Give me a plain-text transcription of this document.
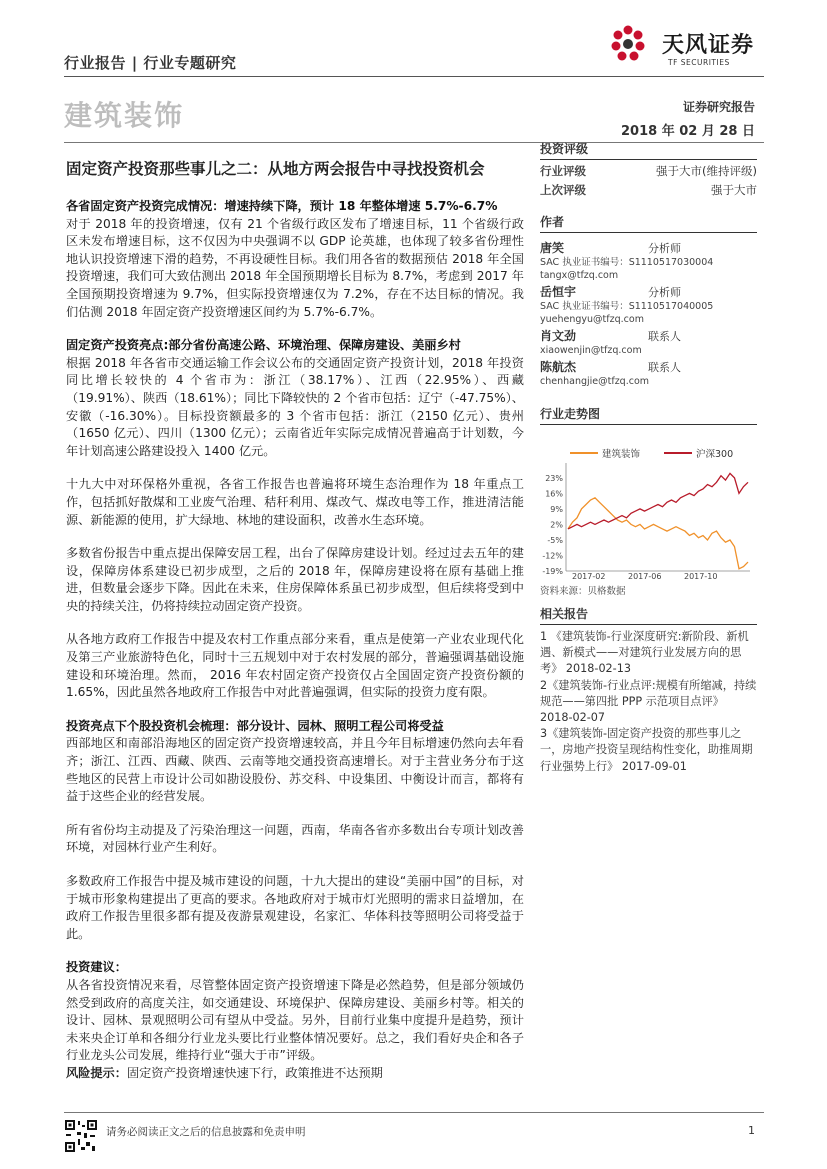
行业报告 | 行业专题研究
天风证券
TF SECURITIES
建筑装饰	证券研究报告
2018 年 02 月 28 日
固定资产投资那些事儿之二：从地方两会报告中寻找投资机会
各省固定资产投资完成情况：增速持续下降，预计 18 年整体增速 5.7%-6.7%

对于 2018 年的投资增速，仅有 21 个省级行政区发布了增速目标，11 个省级行政区未发布增速目标，这不仅因为中央强调不以 GDP 论英雄，也体现了较多省份理性地认识投资增速下滑的趋势，不再设硬性目标。我们用各省的数据预估 2018 年全国投资增速，我们可大致估测出 2018 年全国预期增长目标为 8.7%，考虑到 2017 年全国预期投资增速为 9.7%，但实际投资增速仅为 7.2%，存在不达目标的情况。我们估测 2018 年固定资产投资增速区间约为 5.7%-6.7%。

固定资产投资亮点:部分省份高速公路、环境治理、保障房建设、美丽乡村

根据 2018 年各省市交通运输工作会议公布的交通固定资产投资计划，2018 年投资同比增长较快的 4 个省市为：浙江（38.17%）、江西（22.95%）、西藏（19.91%）、陕西（18.61%）；同比下降较快的 2 个省市包括：辽宁（-47.75%）、安徽（-16.30%）。目标投资额最多的 3 个省市包括：浙江（2150 亿元）、贵州（1650 亿元）、四川（1300 亿元）；云南省近年实际完成情况普遍高于计划数，今年计划高速公路建设投入 1400 亿元。

十九大中对环保格外重视，各省工作报告也普遍将环境生态治理作为 18 年重点工作，包括抓好散煤和工业废气治理、秸秆利用、煤改气、煤改电等工作，推进清洁能源、新能源的使用，扩大绿地、林地的建设面积，改善水生态环境。

多数省份报告中重点提出保障安居工程，出台了保障房建设计划。经过过去五年的建设，保障房体系建设已初步成型，之后的 2018 年，保障房建设将在原有基础上推进，但数量会逐步下降。因此在未来，住房保障体系虽已初步成型，但后续将受到中央的持续关注，仍将持续拉动固定资产投资。

从各地方政府工作报告中提及农村工作重点部分来看，重点是使第一产业农业现代化及第三产业旅游特色化，同时十三五规划中对于农村发展的部分，普遍强调基础设施建设和环境治理。然而， 2016 年农村固定资产投资仅占全国固定资产投资份额的 1.65%，因此虽然各地政府工作报告中对此普遍强调，但实际的投资力度有限。

投资亮点下个股投资机会梳理：部分设计、园林、照明工程公司将受益

西部地区和南部沿海地区的固定资产投资增速较高，并且今年目标增速仍然向去年看齐；浙江、江西、西藏、陕西、云南等地交通投资高速增长。对于主营业务分布于这些地区的民营上市设计公司如勘设股份、苏交科、中设集团、中衡设计而言，都将有益于这些企业的经营发展。

所有省份均主动提及了污染治理这一问题，西南，华南各省亦多数出台专项计划改善环境，对园林行业产生利好。

多数政府工作报告中提及城市建设的问题，十九大提出的建设“美丽中国”的目标，对于城市形象构建提出了更高的要求。各地政府对于城市灯光照明的需求日益增加，在政府工作报告里很多都有提及夜游景观建设，名家汇、华体科技等照明公司将受益于此。

投资建议：

从各省投资情况来看，尽管整体固定资产投资增速下降是必然趋势，但是部分领域仍然受到政府的高度关注，如交通建设、环境保护、保障房建设、美丽乡村等。相关的设计、园林、景观照明公司有望从中受益。另外，目前行业集中度提升是趋势，预计未来央企订单和各细分行业龙头要比行业整体情况要好。总之，我们看好央企和各子行业龙头公司发展，维持行业“强大于市”评级。

风险提示：固定资产投资增速快速下行，政策推进不达预期

投资评级
行业评级	强于大市(维持评级)
上次评级	强于大市
作者
唐笑	分析师
SAC 执业证书编号：S1110517030004
tangx@tfzq.com
岳恒宇	分析师
SAC 执业证书编号：S1110517040005
yuehengyu@tfzq.com
肖文劲	联系人
xiaowenjin@tfzq.com
陈航杰	联系人
chenhangjie@tfzq.com
行业走势图
建筑装饰	沪深300
23%
16%
9%
2%
-5%
-12%
-19%
2017-02	2017-06	2017-10
资料来源：贝格数据
相关报告

1 《建筑装饰-行业深度研究:新阶段、新机遇、新模式——对建筑行业发展方向的思考》 2018-02-13

2《建筑装饰-行业点评:规模有所缩减，持续规范——第四批 PPP 示范项目点评》 2018-02-07

3《建筑装饰-固定资产投资的那些事儿之一，房地产投资呈现结构性变化，助推周期行业强势上行》 2017-09-01

请务必阅读正文之后的信息披露和免责申明	1
